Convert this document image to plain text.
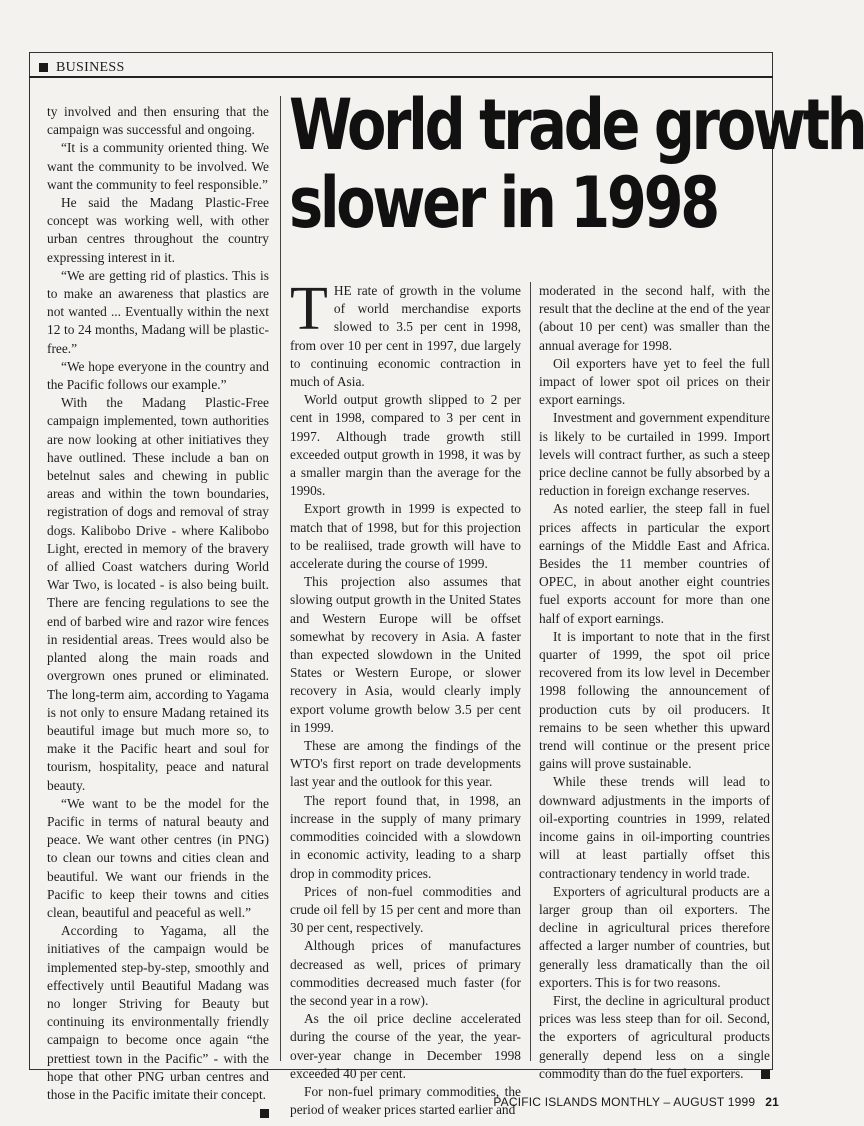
BUSINESS
World trade growth
slower in 1998

ty involved and then ensuring that the campaign was successful and ongoing.

“It is a community oriented thing. We want the community to be involved. We want the community to feel responsible.”

He said the Madang Plastic-Free concept was working well, with other urban centres throughout the country expressing interest in it.

“We are getting rid of plastics. This is to make an awareness that plastics are not wanted ... Eventually within the next 12 to 24 months, Madang will be plastic-free.”

“We hope everyone in the country and the Pacific follows our example.”

With the Madang Plastic-Free campaign implemented, town authorities are now looking at other initiatives they have outlined. These include a ban on betelnut sales and chewing in public areas and within the town boundaries, registration of dogs and removal of stray dogs. Kalibobo Drive - where Kalibobo Light, erected in memory of the bravery of allied Coast watchers during World War Two, is located - is also being built. There are fencing regulations to see the end of barbed wire and razor wire fences in residential areas. Trees would also be planted along the main roads and overgrown ones pruned or eliminated. The long-term aim, according to Yagama is not only to ensure Madang retained its beautiful image but much more so, to make it the Pacific heart and soul for tourism, hospitality, peace and natural beauty.

“We want to be the model for the Pacific in terms of natural beauty and peace. We want other centres (in PNG) to clean our towns and cities clean and beautiful. We want our friends in the Pacific to keep their towns and cities clean, beautiful and peaceful as well.”

According to Yagama, all the initiatives of the campaign would be implemented step-by-step, smoothly and effectively until Beautiful Madang was no longer Striving for Beauty but continuing its environmentally friendly campaign to become once again “the prettiest town in the Pacific” - with the hope that other PNG urban centres and those in the Pacific imitate their concept.

THE rate of growth in the volume of world merchandise exports slowed to 3.5 per cent in 1998, from over 10 per cent in 1997, due largely to continuing economic contraction in much of Asia.

World output growth slipped to 2 per cent in 1998, compared to 3 per cent in 1997. Although trade growth still exceeded output growth in 1998, it was by a smaller margin than the average for the 1990s.

Export growth in 1999 is expected to match that of 1998, but for this projection to be realiised, trade growth will have to accelerate during the course of 1999.

This projection also assumes that slowing output growth in the United States and Western Europe will be offset somewhat by recovery in Asia. A faster than expected slowdown in the United States or Western Europe, or slower recovery in Asia, would clearly imply export volume growth below 3.5 per cent in 1999.

These are among the findings of the WTO's first report on trade developments last year and the outlook for this year.

The report found that, in 1998, an increase in the supply of many primary commodities coincided with a slowdown in economic activity, leading to a sharp drop in commodity prices.

Prices of non-fuel commodities and crude oil fell by 15 per cent and more than 30 per cent, respectively.

Although prices of manufactures decreased as well, prices of primary commodities decreased much faster (for the second year in a row).

As the oil price decline accelerated during the course of the year, the year-over-year change in December 1998 exceeded 40 per cent.

For non-fuel primary commodities, the period of weaker prices started earlier and

moderated in the second half, with the result that the decline at the end of the year (about 10 per cent) was smaller than the annual average for 1998.

Oil exporters have yet to feel the full impact of lower spot oil prices on their export earnings.

Investment and government expenditure is likely to be curtailed in 1999. Import levels will contract further, as such a steep price decline cannot be fully absorbed by a reduction in foreign exchange reserves.

As noted earlier, the steep fall in fuel prices affects in particular the export earnings of the Middle East and Africa. Besides the 11 member countries of OPEC, in about another eight countries fuel exports account for more than one half of export earnings.

It is important to note that in the first quarter of 1999, the spot oil price recovered from its low level in December 1998 following the announcement of production cuts by oil producers. It remains to be seen whether this upward trend will continue or the present price gains will prove sustainable.

While these trends will lead to downward adjustments in the imports of oil-exporting countries in 1999, related income gains in oil-importing countries will at least partially offset this contractionary tendency in world trade.

Exporters of agricultural products are a larger group than oil exporters. The decline in agricultural prices therefore affected a larger number of countries, but generally less dramatically than the oil exporters. This is for two reasons.

First, the decline in agricultural product prices was less steep than for oil. Second, the exporters of agricultural products generally depend less on a single commodity than do the fuel exporters.

PACIFIC ISLANDS MONTHLY – AUGUST 1999 21
